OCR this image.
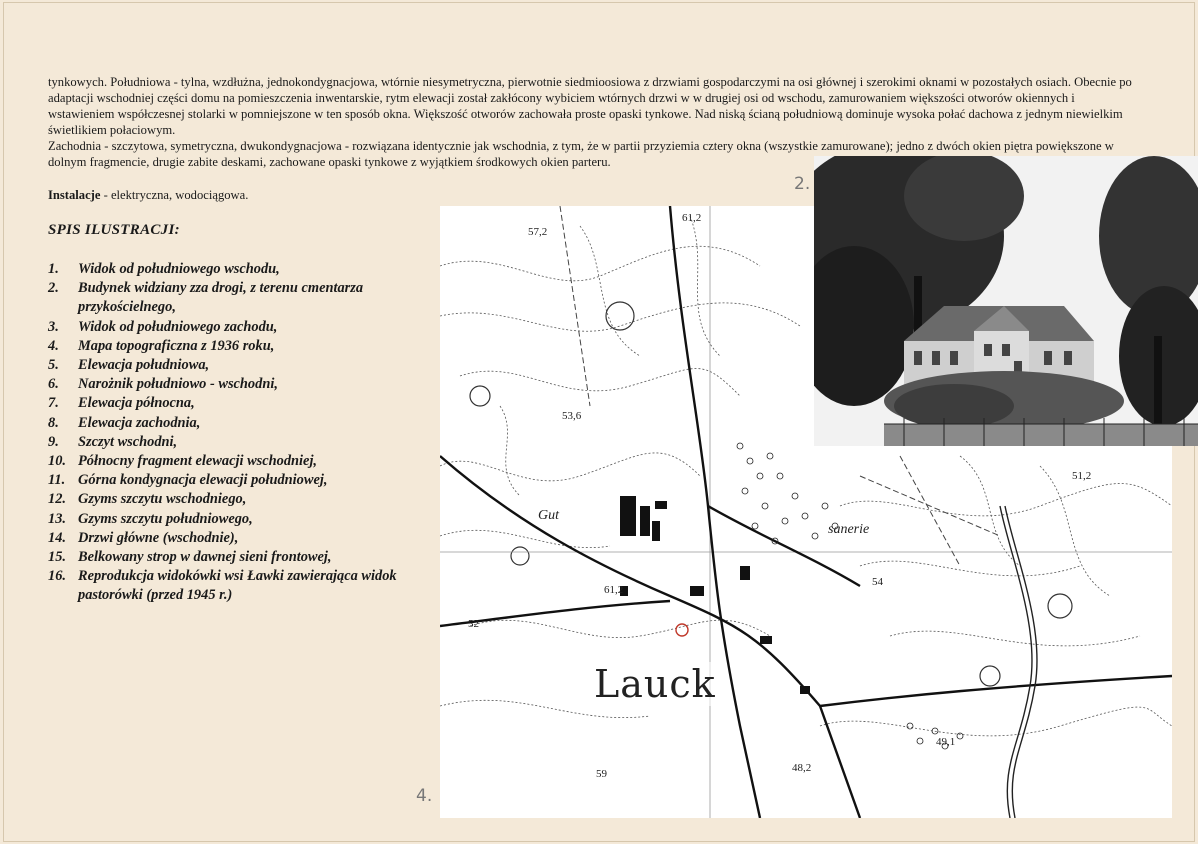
tynkowych. Południowa - tylna, wzdłużna, jednokondygnacjowa, wtórnie niesymetryczna, pierwotnie siedmioosiowa z drzwiami gospodarczymi na osi głównej i szerokimi oknami w pozostałych osiach. Obecnie po adaptacji wschodniej części domu na pomieszczenia inwentarskie, rytm elewacji został zakłócony wybiciem wtórnych drzwi w w drugiej osi od wschodu, zamurowaniem większości otworów okiennych i wstawieniem współczesnej stolarki w pomniejszone w ten sposób okna. Większość otworów zachowała proste opaski tynkowe. Nad niską ścianą południową dominuje wysoka połać dachowa z jednym niewielkim świetlikiem połaciowym.

Zachodnia - szczytowa, symetryczna, dwukondygnacjowa - rozwiązana identycznie jak wschodnia, z tym, że w partii przyziemia cztery okna (wszystkie zamurowane); jedno z dwóch okien piętra powiększone w dolnym fragmencie, drugie zabite deskami, zachowane opaski tynkowe z wyjątkiem środkowych okien parteru.

Instalacje - elektryczna, wodociągowa.
SPIS ILUSTRACJI:
1. Widok od południowego wschodu,
2. Budynek widziany zza drogi, z terenu cmentarza przykościelnego,
3. Widok od południowego zachodu,
4. Mapa topograficzna z 1936 roku,
5. Elewacja południowa,
6. Narożnik południowo - wschodni,
7. Elewacja północna,
8. Elewacja zachodnia,
9. Szczyt wschodni,
10. Północny fragment elewacji wschodniej,
11. Górna kondygnacja elewacji południowej,
12. Gzyms szczytu wschodniego,
13. Gzyms szczytu południowego,
14. Drzwi główne (wschodnie),
15. Belkowany strop w dawnej sieni frontowej,
16. Reprodukcja widokówki wsi Ławki zawierająca widok pastorówki (przed 1945 r.)
61,2
57,2
53,6
61,2
52
54
51,2
59	48,2
49,1
Gut
sanerie
Lauck
2.
4.
